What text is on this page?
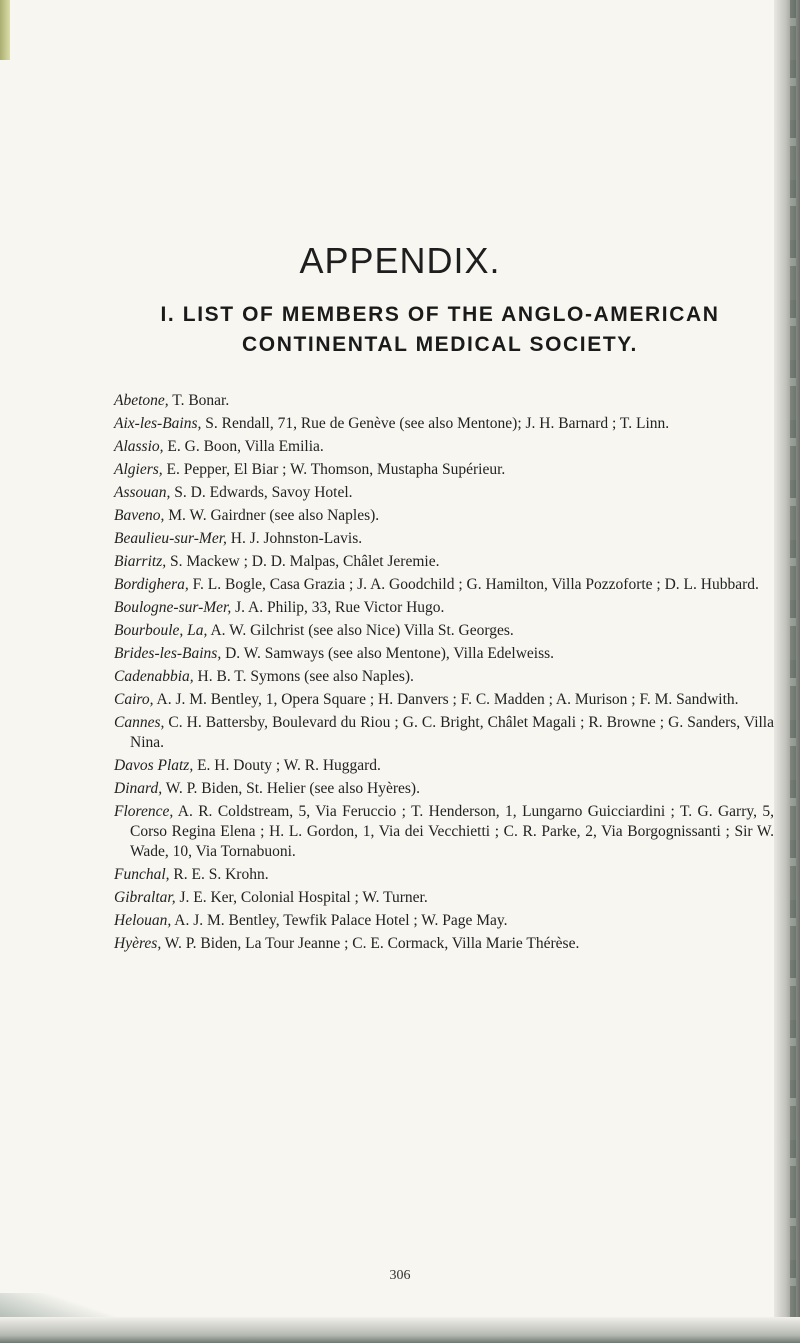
APPENDIX.
I. LIST OF MEMBERS OF THE ANGLO-AMERICAN CONTINENTAL MEDICAL SOCIETY.

Abetone, T. Bonar.

Aix-les-Bains, S. Rendall, 71, Rue de Genève (see also Mentone); J. H. Barnard ; T. Linn.

Alassio, E. G. Boon, Villa Emilia.

Algiers, E. Pepper, El Biar ; W. Thomson, Mustapha Supérieur.

Assouan, S. D. Edwards, Savoy Hotel.

Baveno, M. W. Gairdner (see also Naples).

Beaulieu-sur-Mer, H. J. Johnston-Lavis.

Biarritz, S. Mackew ; D. D. Malpas, Châlet Jeremie.

Bordighera, F. L. Bogle, Casa Grazia ; J. A. Goodchild ; G. Hamilton, Villa Pozzoforte ; D. L. Hubbard.

Boulogne-sur-Mer, J. A. Philip, 33, Rue Victor Hugo.

Bourboule, La, A. W. Gilchrist (see also Nice) Villa St. Georges.

Brides-les-Bains, D. W. Samways (see also Mentone), Villa Edelweiss.

Cadenabbia, H. B. T. Symons (see also Naples).

Cairo, A. J. M. Bentley, 1, Opera Square ; H. Danvers ; F. C. Madden ; A. Murison ; F. M. Sandwith.

Cannes, C. H. Battersby, Boulevard du Riou ; G. C. Bright, Châlet Magali ; R. Browne ; G. Sanders, Villa Nina.

Davos Platz, E. H. Douty ; W. R. Huggard.

Dinard, W. P. Biden, St. Helier (see also Hyères).

Florence, A. R. Coldstream, 5, Via Feruccio ; T. Henderson, 1, Lungarno Guicciardini ; T. G. Garry, 5, Corso Regina Elena ; H. L. Gordon, 1, Via dei Vecchietti ; C. R. Parke, 2, Via Borgognissanti ; Sir W. Wade, 10, Via Tornabuoni.

Funchal, R. E. S. Krohn.

Gibraltar, J. E. Ker, Colonial Hospital ; W. Turner.

Helouan, A. J. M. Bentley, Tewfik Palace Hotel ; W. Page May.

Hyères, W. P. Biden, La Tour Jeanne ; C. E. Cormack, Villa Marie Thérèse.

306
